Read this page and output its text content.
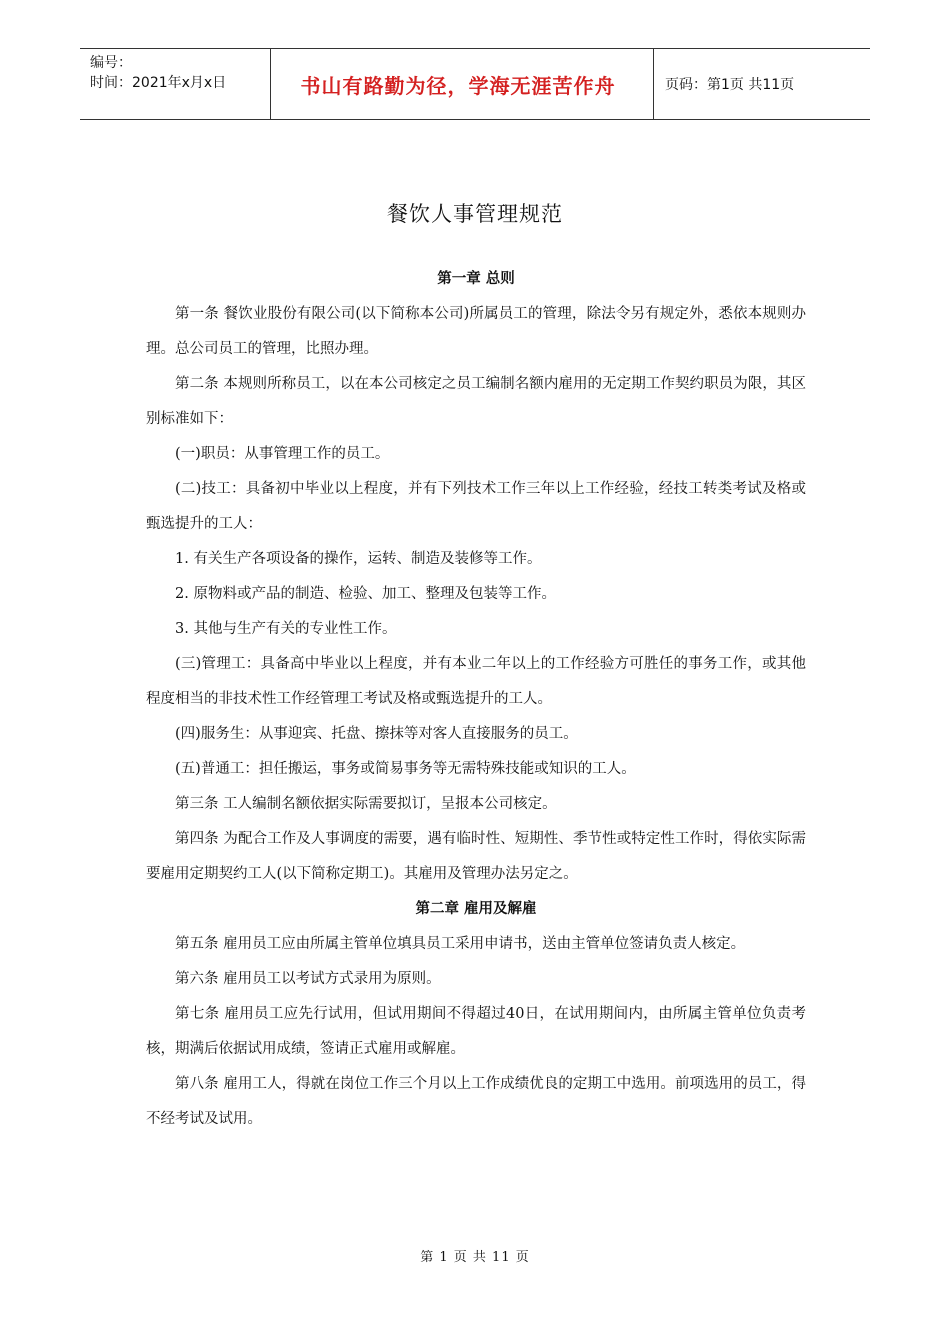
编号：
时间：2021年x月x日	书山有路勤为径，学海无涯苦作舟	页码：第1页 共11页
餐饮人事管理规范

第一章 总则

第一条 餐饮业股份有限公司(以下简称本公司)所属员工的管理，除法令另有规定外，悉依本规则办理。总公司员工的管理，比照办理。

第二条 本规则所称员工，以在本公司核定之员工编制名额内雇用的无定期工作契约职员为限，其区别标准如下：

(一)职员：从事管理工作的员工。

(二)技工：具备初中毕业以上程度，并有下列技术工作三年以上工作经验，经技工转类考试及格或甄选提升的工人：

1. 有关生产各项设备的操作，运转、制造及装修等工作。

2. 原物料或产品的制造、检验、加工、整理及包装等工作。

3. 其他与生产有关的专业性工作。

(三)管理工：具备高中毕业以上程度，并有本业二年以上的工作经验方可胜任的事务工作，或其他程度相当的非技术性工作经管理工考试及格或甄选提升的工人。

(四)服务生：从事迎宾、托盘、擦抹等对客人直接服务的员工。

(五)普通工：担任搬运，事务或简易事务等无需特殊技能或知识的工人。

第三条 工人编制名额依据实际需要拟订，呈报本公司核定。

第四条 为配合工作及人事调度的需要，遇有临时性、短期性、季节性或特定性工作时，得依实际需要雇用定期契约工人(以下简称定期工)。其雇用及管理办法另定之。

第二章 雇用及解雇

第五条 雇用员工应由所属主管单位填具员工采用申请书，送由主管单位签请负责人核定。

第六条 雇用员工以考试方式录用为原则。

第七条 雇用员工应先行试用，但试用期间不得超过40日，在试用期间内，由所属主管单位负责考核，期满后依据试用成绩，签请正式雇用或解雇。

第八条 雇用工人，得就在岗位工作三个月以上工作成绩优良的定期工中选用。前项选用的员工，得不经考试及试用。

第 1 页 共 11 页
